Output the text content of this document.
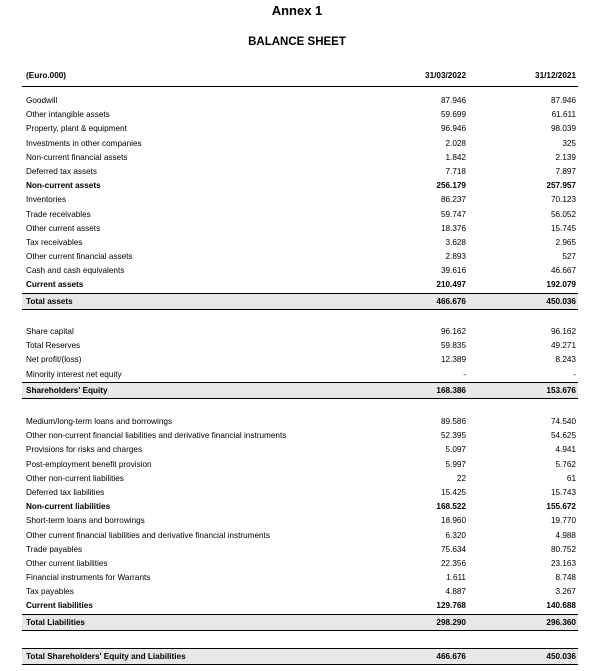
Annex 1
BALANCE SHEET
(Euro.000)	31/03/2022	31/12/2021
Goodwill	87.946	87.946
Other intangible assets	59.699	61.611
Property, plant & equipment	96.946	98.039
Investments in other companies	2.028	325
Non-current financial assets	1.842	2.139
Deferred tax assets	7.718	7.897
Non-current assets	256.179	257.957
Inventories	86.237	70.123
Trade receivables	59.747	56.052
Other current assets	18.376	15.745
Tax receivables	3.628	2.965
Other current financial assets	2.893	527
Cash and cash equivalents	39.616	46.667
Current assets	210.497	192.079
Total assets	466.676	450.036
Share capital	96.162	96.162
Total Reserves	59.835	49.271
Net profit/(loss)	12.389	8.243
Minority interest net equity	-	-
Shareholders' Equity	168.386	153.676
Medium/long-term loans and borrowings	89.586	74.540
Other non-current financial liabilities and derivative financial instruments	52.395	54.625
Provisions for risks and charges	5.097	4.941
Post-employment benefit provision	5.997	5.762
Other non-current liabilities	22	61
Deferred tax liabilities	15.425	15.743
Non-current liabilities	168.522	155.672
Short-term loans and borrowings	18.960	19.770
Other current financial liabilities and derivative financial instruments	6.320	4.988
Trade payables	75.634	80.752
Other current liabilities	22.356	23.163
Financial instruments for Warrants	1.611	8.748
Tax payables	4.887	3.267
Current liabilities	129.768	140.688
Total Liabilities	298.290	296.360
Total Shareholders' Equity and Liabilities	466.676	450.036
